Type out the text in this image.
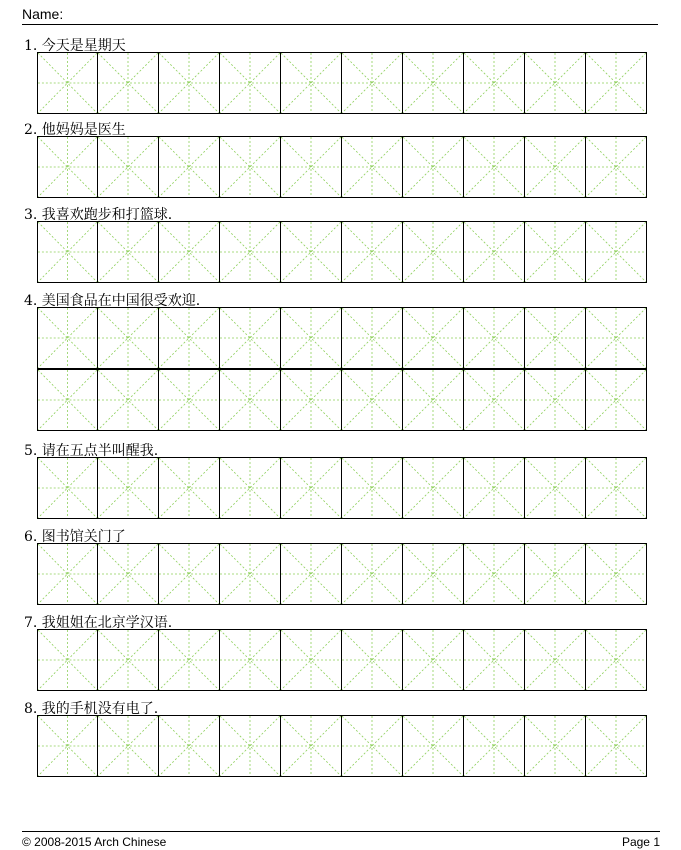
Name:
1. 今天是星期天
2. 他妈妈是医生
3. 我喜欢跑步和打篮球.
4. 美国食品在中国很受欢迎.
5. 请在五点半叫醒我.
6. 图书馆关门了
7. 我姐姐在北京学汉语.
8. 我的手机没有电了.
© 2008-2015 Arch Chinese	Page 1
